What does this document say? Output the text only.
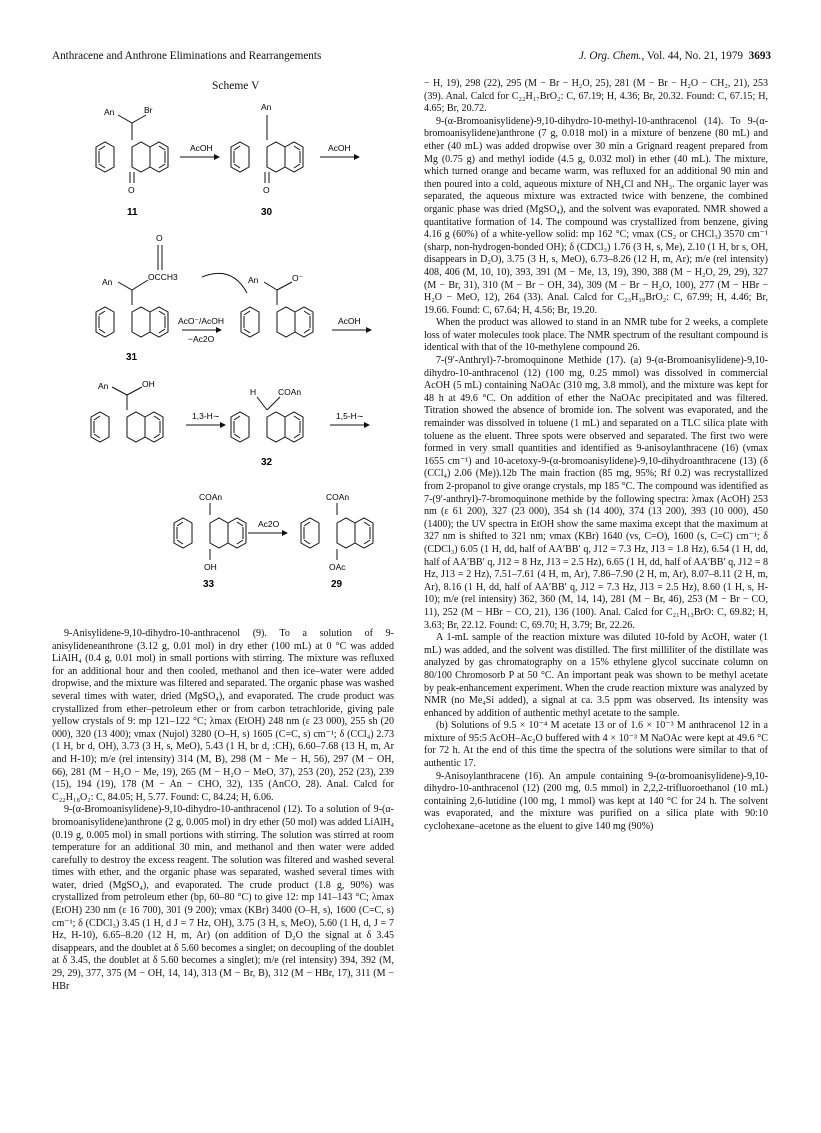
Anthracene and Anthrone Eliminations and Rearrangements	J. Org. Chem., Vol. 44, No. 21, 1979 3693
Scheme V
An	Br	An
AcOH	AcOH
O	O
O
An	OCCH3	An	O⁻
AcO⁻/AcOH
−Ac2O
AcOH
An	OH
H	COAn
1,3-H∼	1,5-H∼
COAn	COAn
Ac2O
OH	OAc
11	30
31
32
33	29

9-Anisylidene-9,10-dihydro-10-anthracenol (9). To a solution of 9-anisylideneanthrone (3.12 g, 0.01 mol) in dry ether (100 mL) at 0 °C was added LiAlH₄ (0.4 g, 0.01 mol) in small portions with stirring. The mixture was refluxed for an additional hour and then cooled, methanol and then ice–water were added dropwise, and the mixture was filtered and separated. The organic phase was washed several times with water, dried (MgSO₄), and evaporated. The crude product was crystallized from ether–petroleum ether or from carbon tetrachloride, giving pale yellow crystals of 9: mp 121–122 °C; λmax (EtOH) 248 nm (ε 23 000), 255 sh (20 000), 320 (13 400); νmax (Nujol) 3280 (O–H, s) 1605 (C=C, s) cm⁻¹; δ (CCl₄) 2.73 (1 H, br d, OH), 3.73 (3 H, s, MeO), 5.43 (1 H, br d, :CH), 6.60–7.68 (13 H, m, Ar and H-10); m/e (rel intensity) 314 (M, B), 298 (M − Me − H, 56), 297 (M − OH, 66), 281 (M − H₂O − Me, 19), 265 (M − H₂O − MeO, 37), 253 (20), 252 (23), 239 (15), 194 (19), 178 (M − An − CHO, 32), 135 (AnCO, 28). Anal. Calcd for C₂₂H₁₈O₂: C, 84.05; H, 5.77. Found: C, 84.24; H, 6.06.

9-(α-Bromoanisylidene)-9,10-dihydro-10-anthracenol (12). To a solution of 9-(α-bromoanisylidene)anthrone (2 g, 0.005 mol) in dry ether (50 mol) was added LiAlH₄ (0.19 g, 0.005 mol) in small portions with stirring. The solution was stirred at room temperature for an additional 30 min, and methanol and then water were added carefully to destroy the excess reagent. The solution was filtered and washed several times with ether, and the organic phase was separated, washed several times with water, dried (MgSO₄), and evaporated. The crude product (1.8 g, 90%) was crystallized from petroleum ether (bp, 60–80 °C) to give 12: mp 141–143 °C; λmax (EtOH) 230 nm (ε 16 700), 301 (9 200); νmax (KBr) 3400 (O–H, s), 1600 (C=C, s) cm⁻¹; δ (CDCl₃) 3.45 (1 H, d J = 7 Hz, OH), 3.75 (3 H, s, MeO), 5.60 (1 H, d, J = 7 Hz, H-10), 6.65–8.20 (12 H, m, Ar) (on addition of D₂O the signal at δ 3.45 disappears, and the doublet at δ 5.60 becomes a singlet; on decoupling of the doublet at δ 3.45, the doublet at δ 5.60 becomes a singlet); m/e (rel intensity) 394, 392 (M, 29, 29), 377, 375 (M − OH, 14, 14), 313 (M − Br, B), 312 (M − HBr, 17), 311 (M − HBr

− H, 19), 298 (22), 295 (M − Br − H₂O, 25), 281 (M − Br − H₂O − CH₂, 21), 253 (39). Anal. Calcd for C₂₂H₁₇BrO₂: C, 67.19; H, 4.36; Br, 20.32. Found: C, 67.15; H, 4.65; Br, 20.72.

9-(α-Bromoanisylidene)-9,10-dihydro-10-methyl-10-anthracenol (14). To 9-(α-bromoanisylidene)anthrone (7 g, 0.018 mol) in a mixture of benzene (80 mL) and ether (40 mL) was added dropwise over 30 min a Grignard reagent prepared from Mg (0.75 g) and methyl iodide (4.5 g, 0.032 mol) in ether (40 mL). The mixture, which turned orange and became warm, was refluxed for an additional 90 min and then poured into a cold, aqueous mixture of NH₄Cl and NH₃. The organic layer was separated, the aqueous mixture was extracted twice with benzene, the combined organic phase was dried (MgSO₄), and the solvent was evaporated. NMR showed a quantitative formation of 14. The compound was crystallized from benzene, giving 4.16 g (60%) of a white-yellow solid: mp 162 °C; νmax (CS₂ or CHCl₃) 3570 cm⁻¹ (sharp, non-hydrogen-bonded OH); δ (CDCl₃) 1.76 (3 H, s, Me), 2.10 (1 H, br s, OH, disappears in D₂O), 3.75 (3 H, s, MeO), 6.73–8.26 (12 H, m, Ar); m/e (rel intensity) 408, 406 (M, 10, 10), 393, 391 (M − Me, 13, 19), 390, 388 (M − H₂O, 29, 29), 327 (M − Br, 31), 310 (M − Br − OH, 34), 309 (M − Br − H₂O, 100), 277 (M − HBr − H₂O − MeO, 12), 264 (33). Anal. Calcd for C₂₃H₁₉BrO₂: C, 67.99; H, 4.46; Br, 19.66. Found: C, 67.64; H, 4.56; Br, 19.20.

When the product was allowed to stand in an NMR tube for 2 weeks, a complete loss of water molecules took place. The NMR spectrum of the resultant compound is identical with that of the 10-methylene compound 26.

7-(9′-Anthryl)-7-bromoquinone Methide (17). (a) 9-(α-Bromoanisylidene)-9,10-dihydro-10-anthracenol (12) (100 mg, 0.25 mmol) was dissolved in commercial AcOH (5 mL) containing NaOAc (310 mg, 3.8 mmol), and the mixture was kept for 48 h at 49.6 °C. On addition of ether the NaOAc precipitated and was filtered. Titration showed the absence of bromide ion. The solvent was evaporated, and the remainder was dissolved in toluene (1 mL) and separated on a TLC silica plate with toluene as the eluent. Three spots were observed and separated. The first two were formed in very small quantities and identified as 9-anisoylanthracene (16) (νmax 1655 cm⁻¹) and 10-acetoxy-9-(α-bromoanisylidene)-9,10-dihydroanthracene (13) (δ (CCl₄) 2.06 (Me)).12b The main fraction (85 mg, 95%; Rf 0.2) was recrystallized from 2-propanol to give orange crystals, mp 185 °C. The compound was identified as 7-(9′-anthryl)-7-bromoquinone methide by the following spectra: λmax (AcOH) 253 nm (ε 61 200), 327 (23 000), 354 sh (14 400), 374 (13 200), 393 (10 000), 450 (1400); the UV spectra in EtOH show the same maxima except that the maximum at 327 nm is shifted to 321 nm; νmax (KBr) 1640 (vs, C=O), 1600 (s, C=C) cm⁻¹; δ (CDCl₃) 6.05 (1 H, dd, half of AA′BB′ q, J12 = 7.3 Hz, J13 = 1.8 Hz), 6.54 (1 H, dd, half of AA′BB′ q, J12 = 8 Hz, J13 = 2.5 Hz), 6.65 (1 H, dd, half of AA′BB′ q, J12 = 8 Hz, J13 = 2 Hz), 7.51–7.61 (4 H, m, Ar), 7.86–7.90 (2 H, m, Ar), 8.07–8.11 (2 H, m, Ar), 8.16 (1 H, dd, half of AA′BB′ q, J12 = 7.3 Hz, J13 = 2.5 Hz), 8.60 (1 H, s, H-10); m/e (rel intensity) 362, 360 (M, 14, 14), 281 (M − Br, 46), 253 (M − Br − CO, 11), 252 (M − HBr − CO, 21), 136 (100). Anal. Calcd for C₂₁H₁₃BrO: C, 69.82; H, 3.63; Br, 22.12. Found: C, 69.70; H, 3.79; Br, 22.26.

A 1-mL sample of the reaction mixture was diluted 10-fold by AcOH, water (1 mL) was added, and the solvent was distilled. The first milliliter of the distillate was analyzed by gas chromatography on a 15% ethylene glycol succinate column on 80/100 Chromosorb P at 50 °C. An important peak was shown to be methyl acetate by peak-enhancement experiment. When the crude reaction mixture was analyzed by NMR (no Me₄Si added), a signal at ca. 3.5 ppm was observed. Its intensity was enhanced by addition of authentic methyl acetate to the sample.

(b) Solutions of 9.5 × 10⁻⁴ M acetate 13 or of 1.6 × 10⁻³ M anthracenol 12 in a mixture of 95:5 AcOH–Ac₂O buffered with 4 × 10⁻³ M NaOAc were kept at 49.6 °C for 72 h. At the end of this time the spectra of the solutions were similar to that of authentic 17.

9-Anisoylanthracene (16). An ampule containing 9-(α-bromoanisylidene)-9,10-dihydro-10-anthracenol (12) (200 mg, 0.5 mmol) in 2,2,2-trifluoroethanol (10 mL) containing 2,6-lutidine (100 mg, 1 mmol) was kept at 140 °C for 24 h. The solvent was evaporated, and the mixture was purified on a silica plate with 90:10 cyclohexane–acetone as the eluent to give 140 mg (90%)
